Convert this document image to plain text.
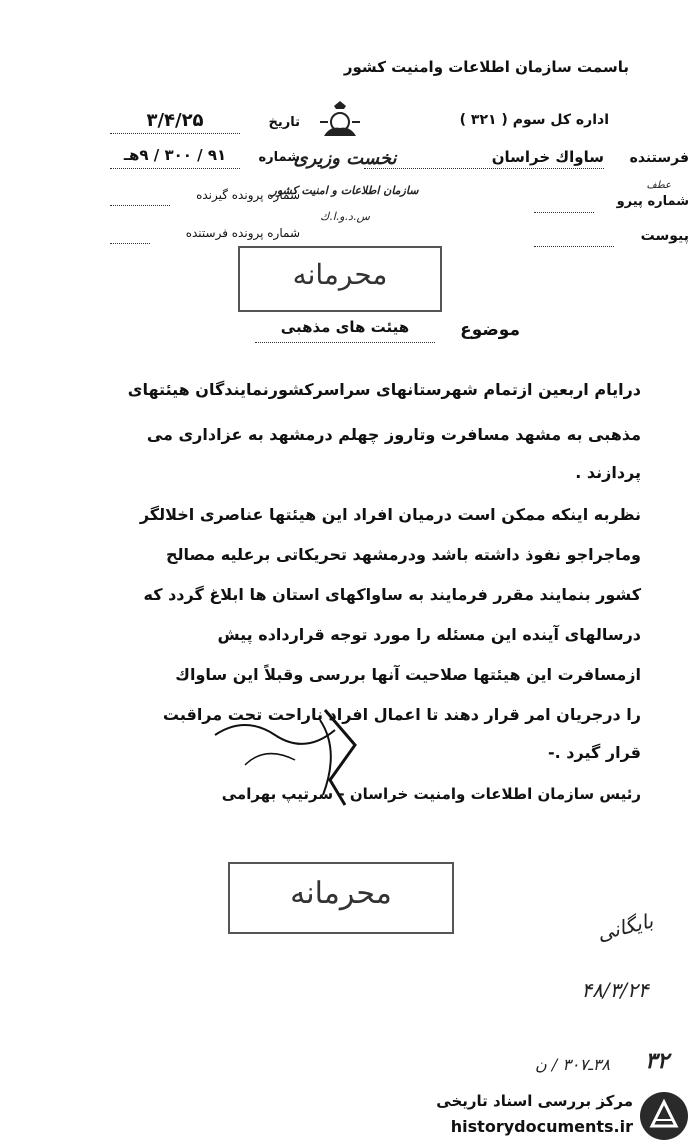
باسمت سازمان اطلاعات وامنیت کشور
اداره کل سوم ( ۳۲۱ )
فرستنده
ساواك خراسان
عطف
شماره پیرو
پیوست
نخست وزیری
سازمان اطلاعات و امنیت کشور
س.د.و.ا.ك
تاریخ
۳/۴/۲۵
شماره
۹۱ / ۳۰۰ / ۹هـ
شماره پرونده گیرنده
شماره پرونده فرستنده
محرمانه
موضوع
هیئت های مذهبی
درایام اربعین ازتمام شهرستانهای سراسرکشورنمایندگان هیئتهای
مذهبی به مشهد مسافرت وتاروز چهلم درمشهد به عزاداری می
پردازند .
نظربه اینکه ممکن است درمیان افراد این هیئتها عناصری اخلالگر
وماجراجو نفوذ داشته باشد ودرمشهد تحریکاتی برعلیه مصالح
کشور بنمایند مقرر فرمایند به ساواکهای استان ها ابلاغ گردد که
درسالهای آینده این مسئله را مورد توجه قرارداده پیش
ازمسافرت این هیئتها صلاحیت آنها بررسی وقبلاً این ساواك
را درجریان امر قرار دهند تا اعمال افراد ناراحت تحت مراقبت
قرار گیرد .-
رئیس سازمان اطلاعات وامنیت خراسان - سرتیپ بهرامی
محرمانه
بایگانی
۴۸/۳/۲۴
۳۲
۳۸ـ۳۰۷ / ن
مرکز بررسی اسناد تاریخی
historydocuments.ir
